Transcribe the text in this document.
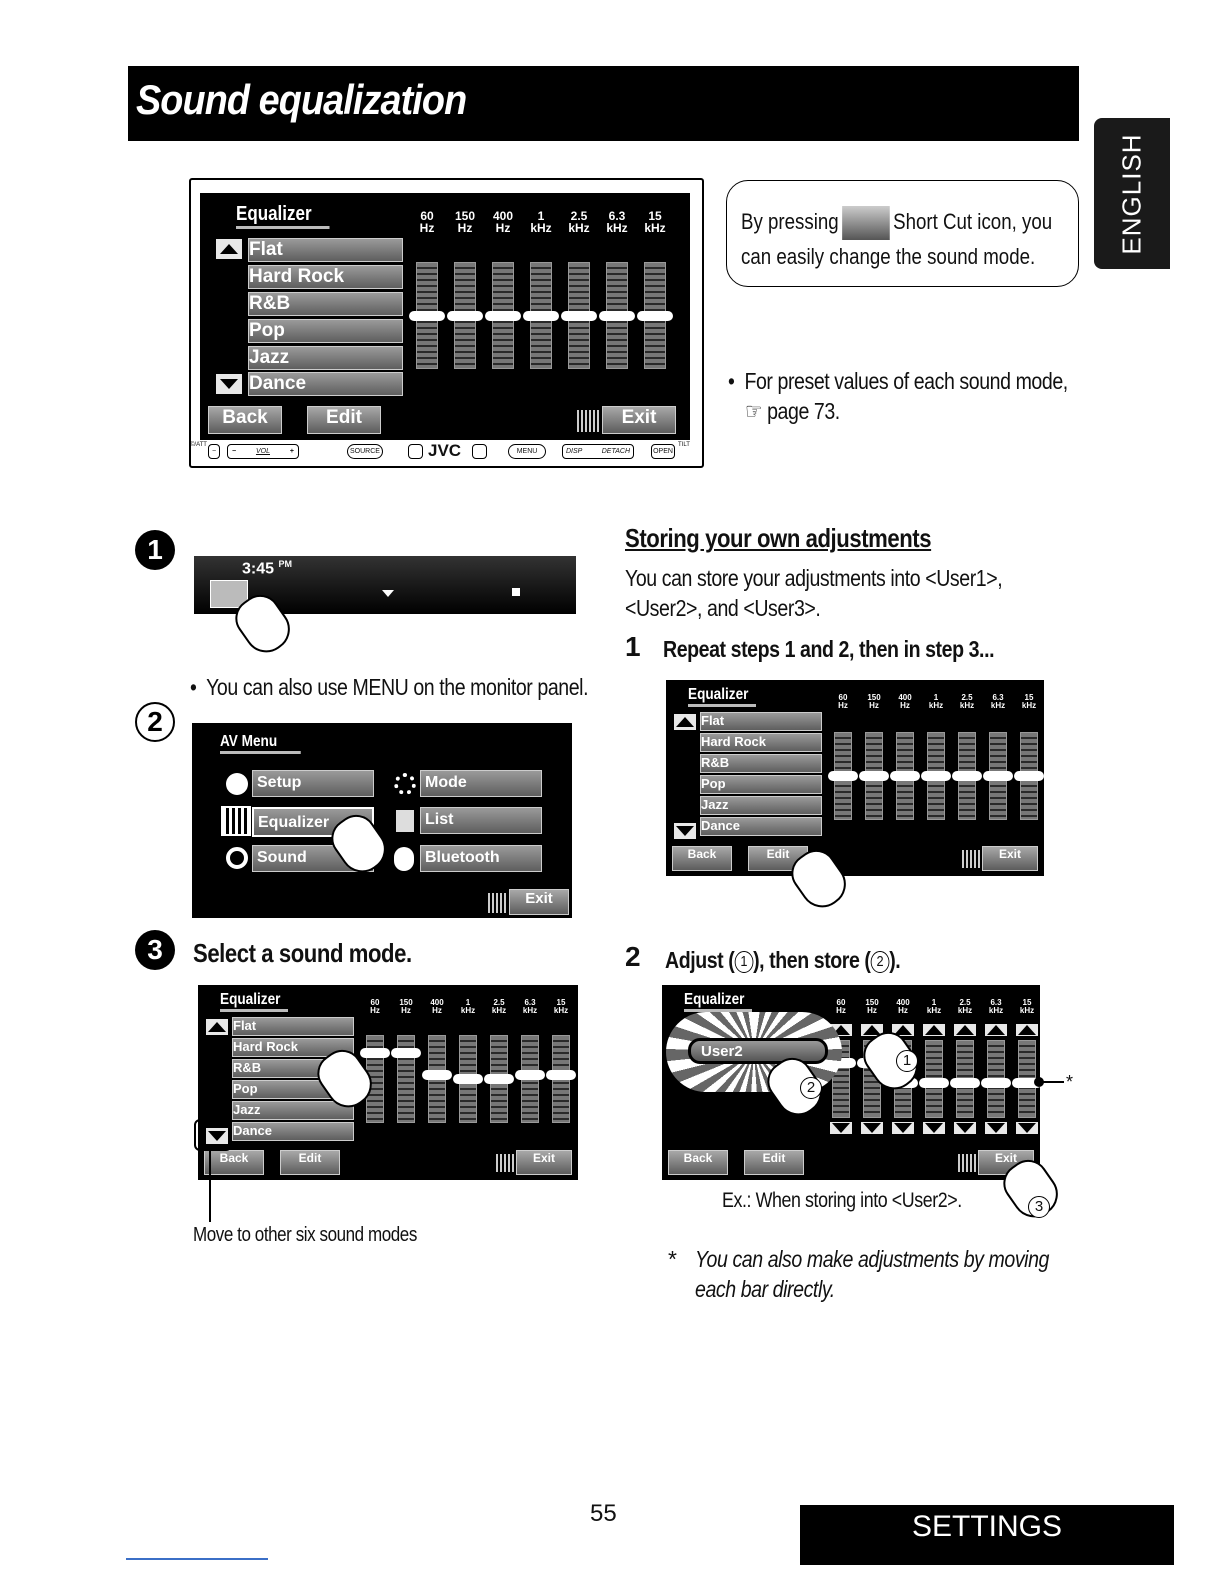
Sound equalization
ENGLISH
Equalizer
Flat
Hard Rock
R&B
Pop
Jazz
Dance
60
Hz
150
Hz
400
Hz
1
kHz
2.5
kHz
6.3
kHz
15
kHz
Back	Edit	Exit
©/ATT
−	−	VOL	+	SOURCE	JVC	MENU	DISP	DETACH	OPEN
TILT
By pressing Short Cut icon, you can easily change the sound mode.
• For preset values of each sound mode,
☞ page 73.
1
3:45 $^{PM}$
• You can also use MENU on the monitor panel.
2
AV Menu
Setup	Mode
Equalizer	List
Sound	Bluetooth
Exit
3	Select a sound mode.
Equalizer
Flat
Hard Rock
R&B
Pop
Jazz
Dance
60
Hz
150
Hz
400
Hz
1
kHz
2.5
kHz
6.3
kHz
15
kHz
Back	Edit	Exit
Move to other six sound modes
Storing your own adjustments
You can store your adjustments into <User1>,
<User2>, and <User3>.
1 Repeat steps 1 and 2, then in step 3...
Equalizer
Flat
Hard Rock
R&B
Pop
Jazz
Dance
60
Hz
150
Hz
400
Hz
1
kHz
2.5
kHz
6.3
kHz
15
kHz
Back	Edit	Exit
2 Adjust ( 1 ), then store ( 2 ).
Equalizer	60
Hz
150
Hz
400
Hz
1
kHz
2.5
kHz
6.3
kHz
15
kHz
Back	Edit	Exit
User2
1
2	*
3
Ex.: When storing into <User2>.
* You can also make adjustments by moving each bar directly.
55	SETTINGS
